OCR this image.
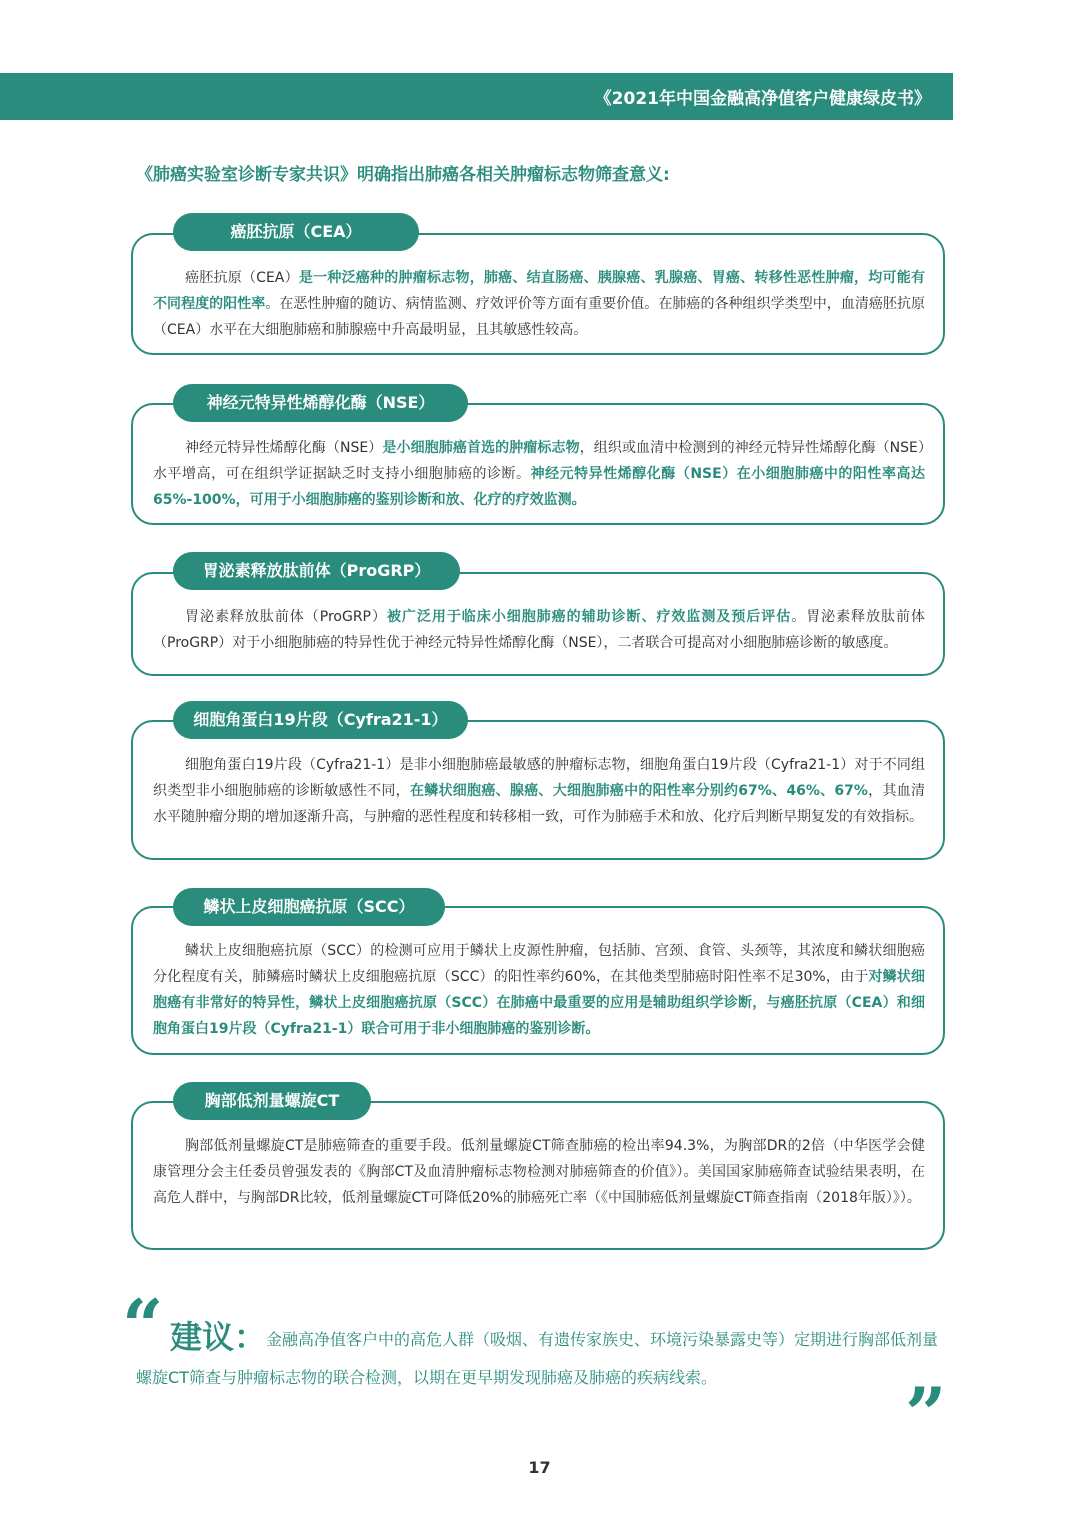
《2021年中国金融高净值客户健康绿皮书》
《肺癌实验室诊断专家共识》明确指出肺癌各相关肿瘤标志物筛查意义:

癌胚抗原（CEA）是一种泛癌种的肿瘤标志物，肺癌、结直肠癌、胰腺癌、乳腺癌、胃癌、转移性恶性肿瘤，均可能有不同程度的阳性率。在恶性肿瘤的随访、病情监测、疗效评价等方面有重要价值。在肺癌的各种组织学类型中，血清癌胚抗原（CEA）水平在大细胞肺癌和肺腺癌中升高最明显，且其敏感性较高。

癌胚抗原（CEA）

神经元特异性烯醇化酶（NSE）是小细胞肺癌首选的肿瘤标志物，组织或血清中检测到的神经元特异性烯醇化酶（NSE）水平增高，可在组织学证据缺乏时支持小细胞肺癌的诊断。神经元特异性烯醇化酶（NSE）在小细胞肺癌中的阳性率高达65%-100%，可用于小细胞肺癌的鉴别诊断和放、化疗的疗效监测。

神经元特异性烯醇化酶（NSE）

胃泌素释放肽前体（ProGRP）被广泛用于临床小细胞肺癌的辅助诊断、疗效监测及预后评估。胃泌素释放肽前体（ProGRP）对于小细胞肺癌的特异性优于神经元特异性烯醇化酶（NSE），二者联合可提高对小细胞肺癌诊断的敏感度。

胃泌素释放肽前体（ProGRP）

细胞角蛋白19片段（Cyfra21-1）是非小细胞肺癌最敏感的肿瘤标志物，细胞角蛋白19片段（Cyfra21-1）对于不同组织类型非小细胞肺癌的诊断敏感性不同，在鳞状细胞癌、腺癌、大细胞肺癌中的阳性率分别约67%、46%、67%，其血清水平随肿瘤分期的增加逐渐升高，与肿瘤的恶性程度和转移相一致，可作为肺癌手术和放、化疗后判断早期复发的有效指标。

细胞角蛋白19片段（Cyfra21-1）

鳞状上皮细胞癌抗原（SCC）的检测可应用于鳞状上皮源性肿瘤，包括肺、宫颈、食管、头颈等，其浓度和鳞状细胞癌分化程度有关，肺鳞癌时鳞状上皮细胞癌抗原（SCC）的阳性率约60%，在其他类型肺癌时阳性率不足30%，由于对鳞状细胞癌有非常好的特异性，鳞状上皮细胞癌抗原（SCC）在肺癌中最重要的应用是辅助组织学诊断，与癌胚抗原（CEA）和细胞角蛋白19片段（Cyfra21-1）联合可用于非小细胞肺癌的鉴别诊断。

鳞状上皮细胞癌抗原（SCC）

胸部低剂量螺旋CT是肺癌筛查的重要手段。低剂量螺旋CT筛查肺癌的检出率94.3%，为胸部DR的2倍（中华医学会健康管理分会主任委员曾强发表的《胸部CT及血清肿瘤标志物检测对肺癌筛查的价值》）。美国国家肺癌筛查试验结果表明，在高危人群中，与胸部DR比较，低剂量螺旋CT可降低20%的肺癌死亡率（《中国肺癌低剂量螺旋CT筛查指南（2018年版）》）。

胸部低剂量螺旋CT
“ 建议：金融高净值客户中的高危人群（吸烟、有遗传家族史、环境污染暴露史等）定期进行胸部低剂量螺旋CT筛查与肿瘤标志物的联合检测，以期在更早期发现肺癌及肺癌的疾病线索。	”
17
